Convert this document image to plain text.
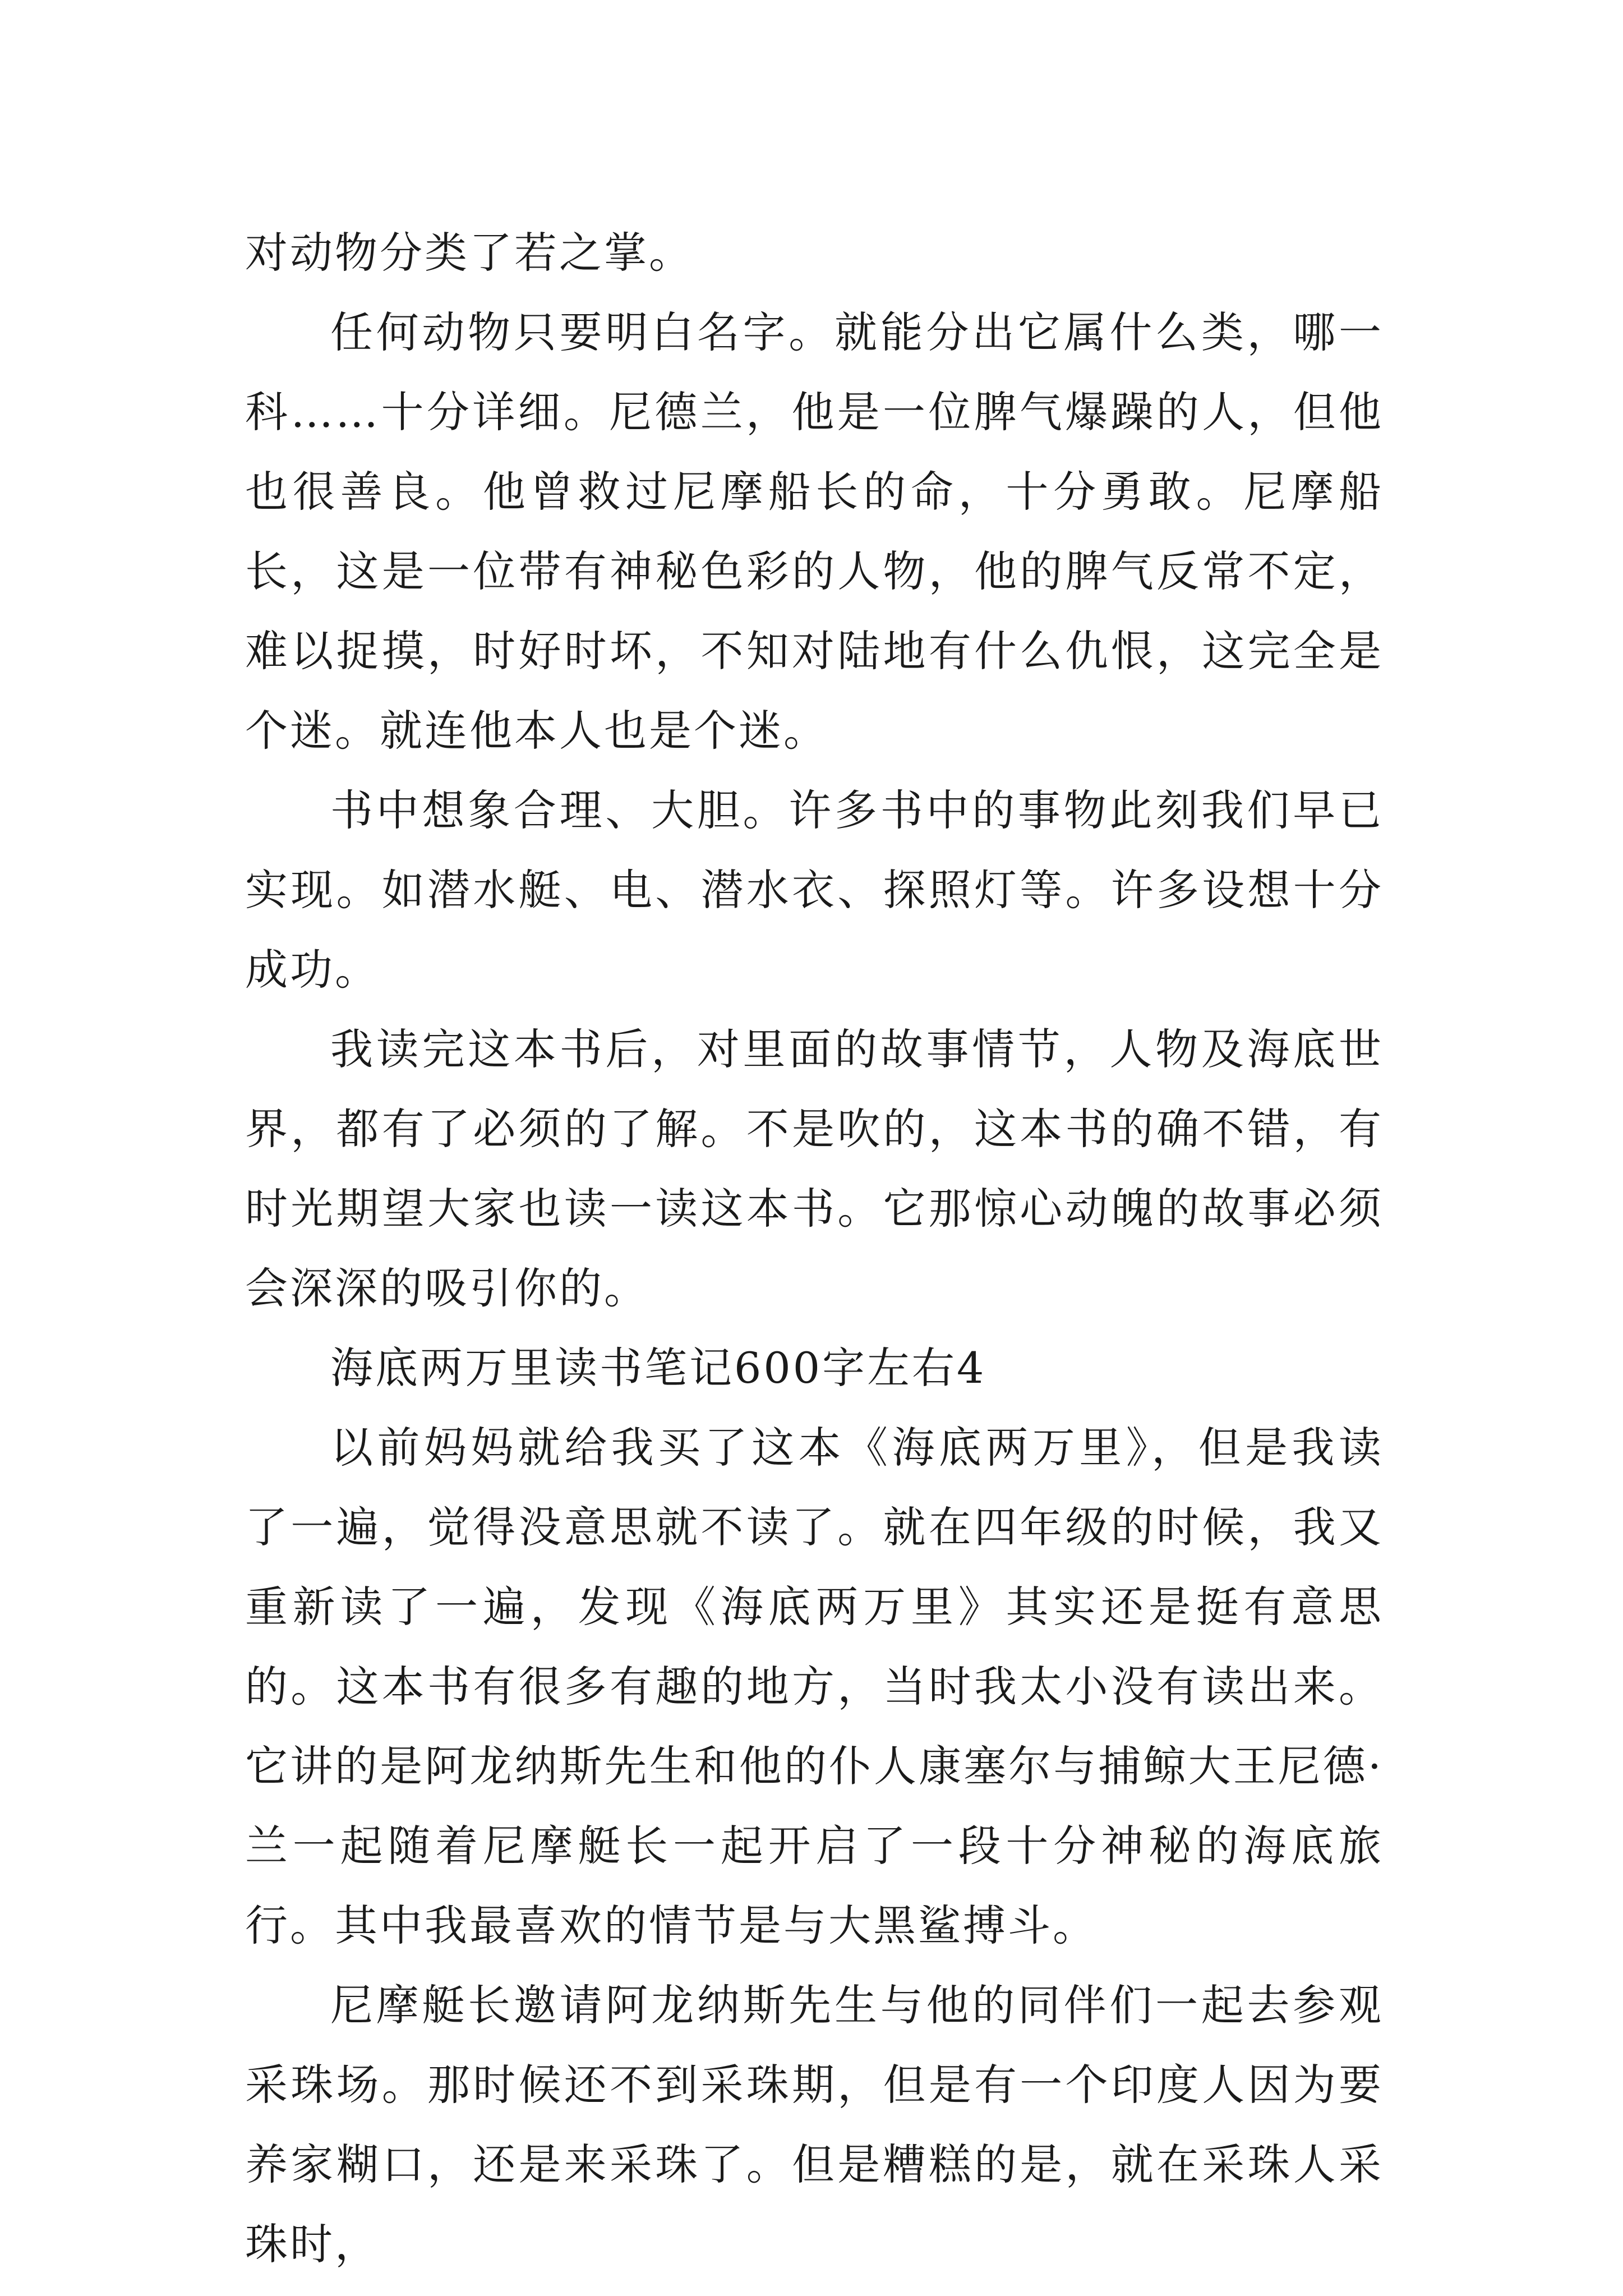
对动物分类了若之掌。

任何动物只要明白名字。就能分出它属什么类，哪一科……十分详细。尼德兰，他是一位脾气爆躁的人，但他也很善良。他曾救过尼摩船长的命，十分勇敢。尼摩船长，这是一位带有神秘色彩的人物，他的脾气反常不定，难以捉摸，时好时坏，不知对陆地有什么仇恨，这完全是个迷。就连他本人也是个迷。

书中想象合理、大胆。许多书中的事物此刻我们早已实现。如潜水艇、电、潜水衣、探照灯等。许多设想十分成功。

我读完这本书后，对里面的故事情节，人物及海底世界，都有了必须的了解。不是吹的，这本书的确不错，有时光期望大家也读一读这本书。它那惊心动魄的故事必须会深深的吸引你的。

海底两万里读书笔记600字左右4

以前妈妈就给我买了这本《海底两万里》，但是我读了一遍，觉得没意思就不读了。就在四年级的时候，我又重新读了一遍，发现《海底两万里》其实还是挺有意思的。这本书有很多有趣的地方，当时我太小没有读出来。它讲的是阿龙纳斯先生和他的仆人康塞尔与捕鲸大王尼德·兰一起随着尼摩艇长一起开启了一段十分神秘的海底旅行。其中我最喜欢的情节是与大黑鲨搏斗。

尼摩艇长邀请阿龙纳斯先生与他的同伴们一起去参观采珠场。那时候还不到采珠期，但是有一个印度人因为要养家糊口，还是来采珠了。但是糟糕的是，就在采珠人采珠时，
